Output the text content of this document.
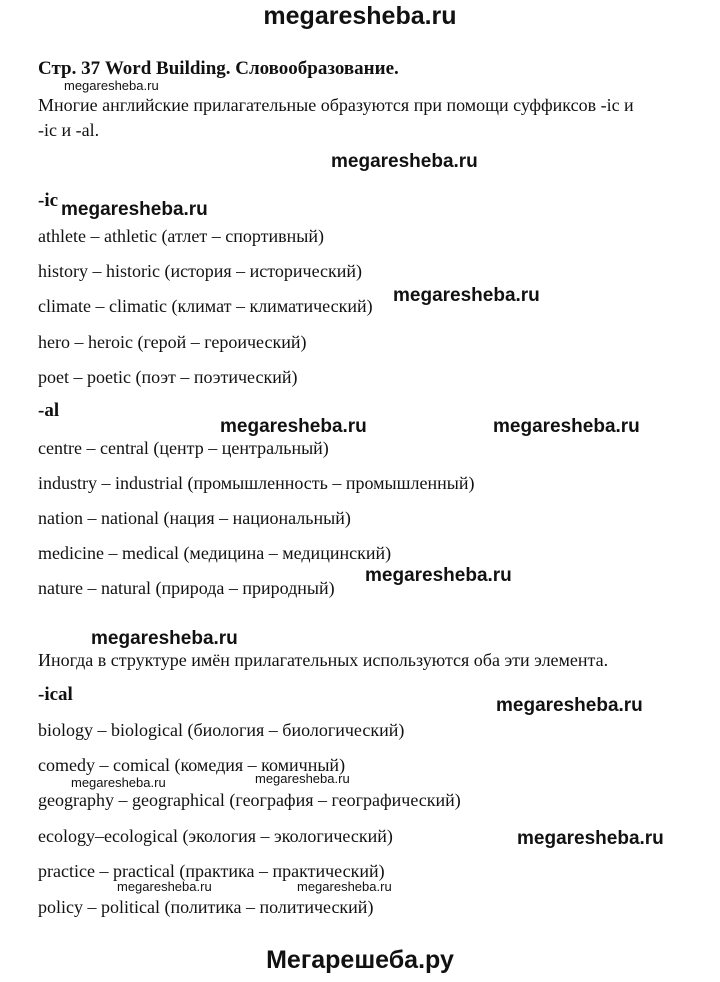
megaresheba.ru
Стр. 37 Word Building. Словообразование.
Многие английские прилагательные образуются при помощи суффиксов -ic и
-ic и -al.
-ic
athlete – athletic (атлет – спортивный)
history – historic (история – исторический)
climate – climatic (климат – климатический)
hero – heroic (герой – героический)
poet – poetic (поэт – поэтический)
-al
centre – central (центр – центральный)
industry – industrial (промышленность – промышленный)
nation – national (нация – национальный)
medicine – medical (медицина – медицинский)
nature – natural (природа – природный)
Иногда в структуре имён прилагательных используются оба эти элемента.
-ical
biology – biological (биология – биологический)
comedy – comical (комедия – комичный)
geography – geographical (география – географический)
ecology–ecological (экология – экологический)
practice – practical (практика – практический)
policy – political (политика – политический)
megaresheba.ru
megaresheba.ru
megaresheba.ru
megaresheba.ru
megaresheba.ru	megaresheba.ru
megaresheba.ru
megaresheba.ru
megaresheba.ru
megaresheba.ru	megaresheba.ru
megaresheba.ru
megaresheba.ru	megaresheba.ru
Мегарешеба.ру
